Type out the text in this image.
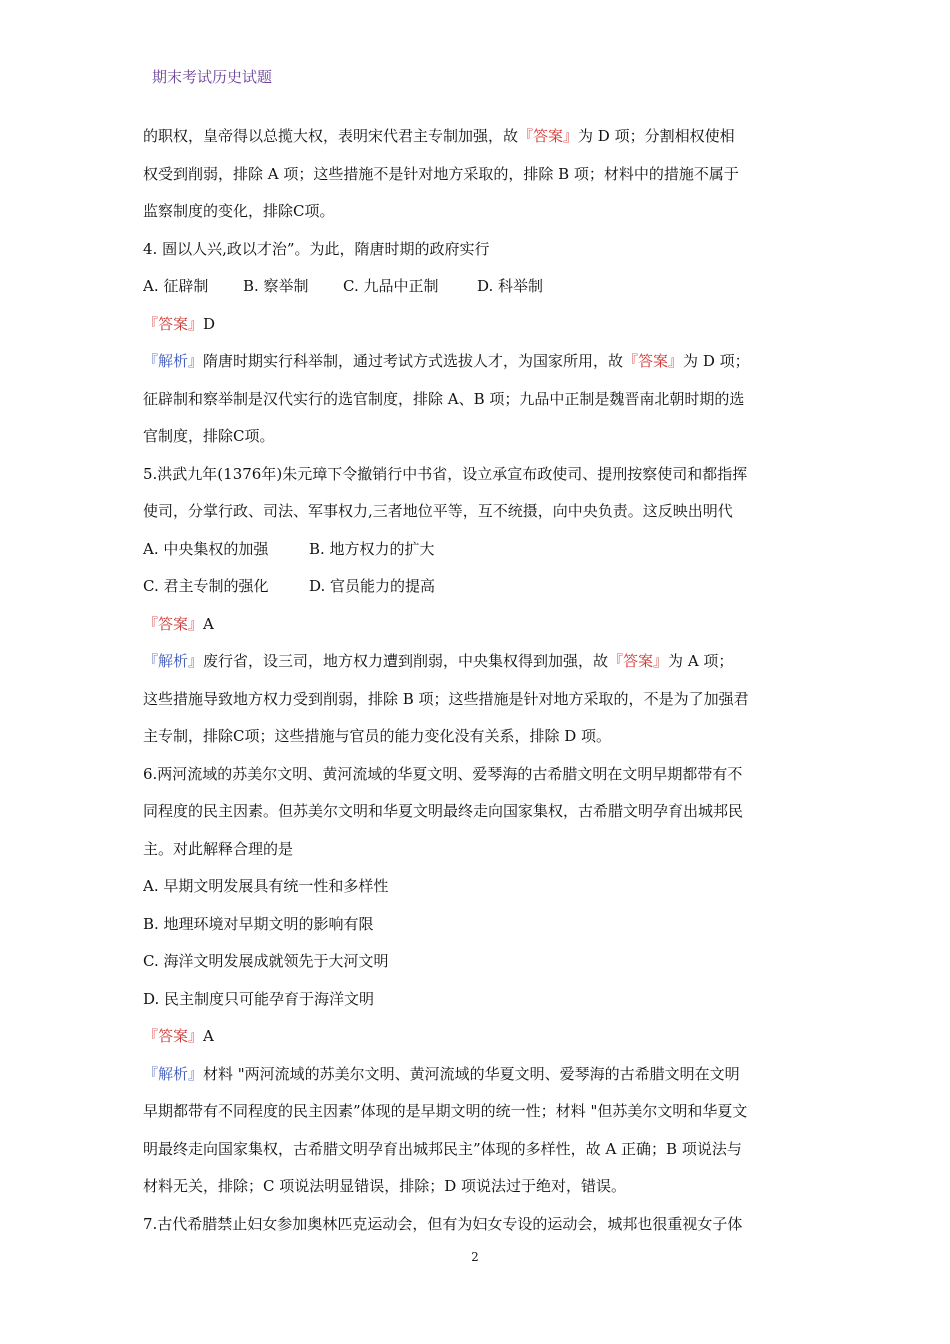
期末考试历史试题
的职权，皇帝得以总揽大权，表明宋代君主专制加强，故『答案』为 D 项；分割相权使相
权受到削弱，排除 A 项；这些措施不是针对地方采取的，排除 B 项；材料中的措施不属于
监察制度的变化，排除C项。
4. 圄以人兴,政以才治”。为此，隋唐时期的政府实行
A. 征辟制 B. 察举制 C. 九品中正制	D. 科举制
『答案』D
『解析』隋唐时期实行科举制，通过考试方式选拔人才，为国家所用，故『答案』为 D 项；
征辟制和察举制是汉代实行的选官制度，排除 A、B 项；九品中正制是魏晋南北朝时期的选
官制度，排除C项。
5.洪武九年(1376年)朱元璋下令撤销行中书省，设立承宣布政使司、提刑按察使司和都指挥
使司，分掌行政、司法、军事权力,三者地位平等，互不统摄，向中央负责。这反映出明代
A. 中央集权的加强	B. 地方权力的扩大
C. 君主专制的强化	D. 官员能力的提高
『答案』A
『解析』废行省，设三司，地方权力遭到削弱，中央集权得到加强，故『答案』为 A 项；
这些措施导致地方权力受到削弱，排除 B 项；这些措施是针对地方采取的，不是为了加强君
主专制，排除C项；这些措施与官员的能力变化没有关系，排除 D 项。
6.两河流域的苏美尔文明、黄河流域的华夏文明、爱琴海的古希腊文明在文明早期都带有不
同程度的民主因素。但苏美尔文明和华夏文明最终走向国家集权，古希腊文明孕育出城邦民
主。对此解释合理的是
A. 早期文明发展具有统一性和多样性
B. 地理环境对早期文明的影响有限
C. 海洋文明发展成就领先于大河文明
D. 民主制度只可能孕育于海洋文明
『答案』A
『解析』材料 "两河流域的苏美尔文明、黄河流域的华夏文明、爱琴海的古希腊文明在文明
早期都带有不同程度的民主因素”体现的是早期文明的统一性；材料 "但苏美尔文明和华夏文
明最终走向国家集权，古希腊文明孕育出城邦民主”体现的多样性，故 A 正确；B 项说法与
材料无关，排除；C 项说法明显错误，排除；D 项说法过于绝对，错误。
7.古代希腊禁止妇女参加奥林匹克运动会，但有为妇女专设的运动会，城邦也很重视女子体
2
